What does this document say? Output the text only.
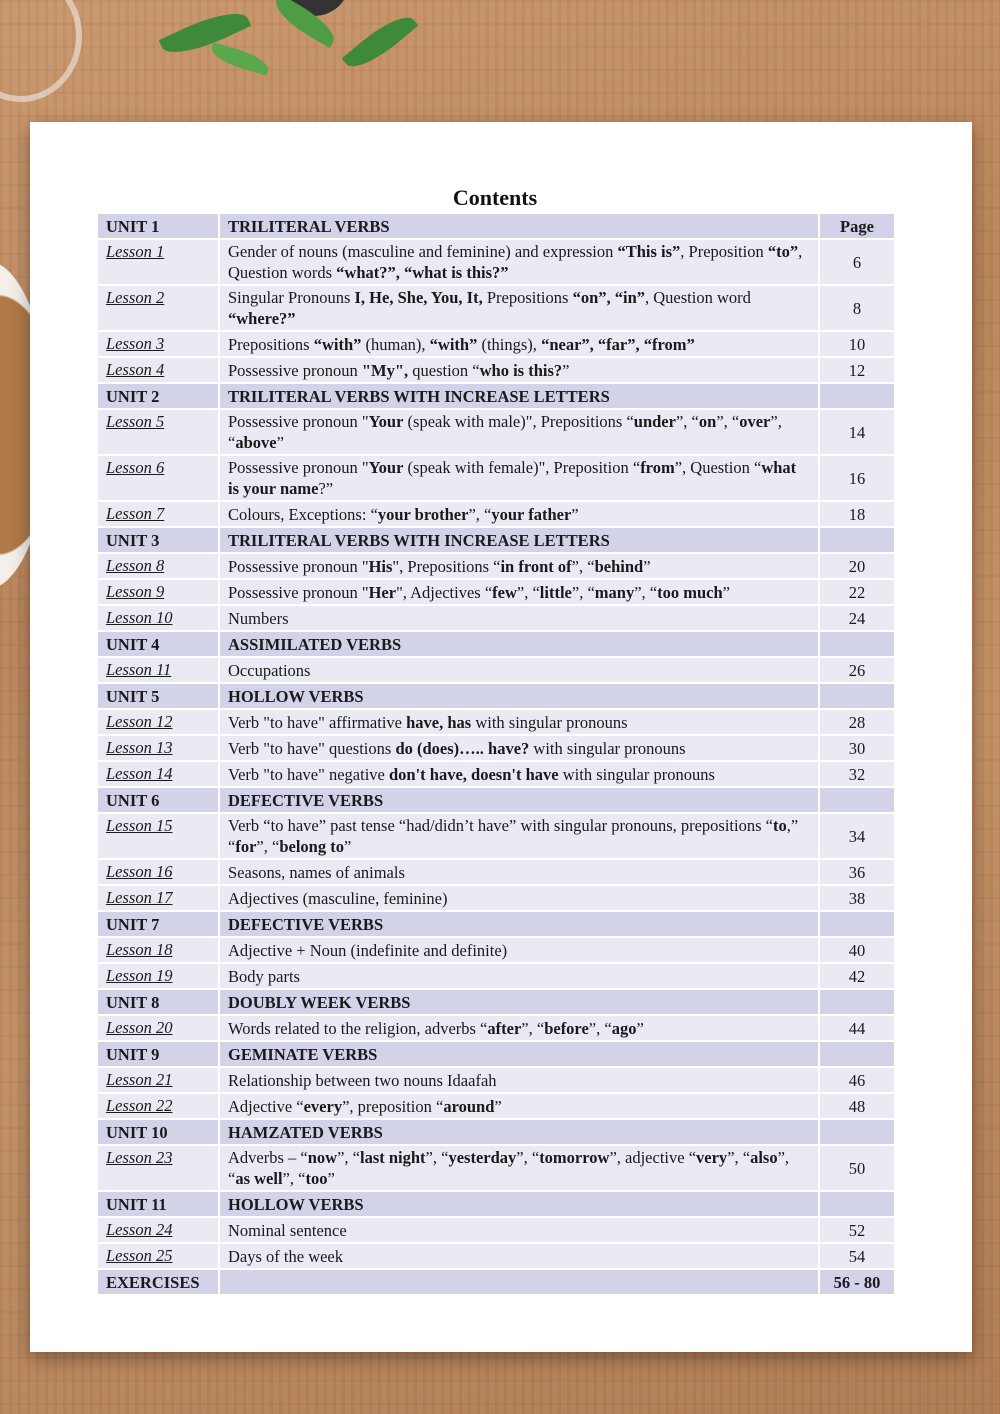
Contents
UNIT 1	TRILITERAL VERBS	Page
Lesson 1	Gender of nouns (masculine and feminine) and expression “This is”, Preposition “to”, Question words “what?”, “what is this?”	6
Lesson 2	Singular Pronouns I, He, She, You, It, Prepositions “on”, “in”, Question word “where?”	8
Lesson 3	Prepositions “with” (human), “with” (things), “near”, “far”, “from”	10
Lesson 4	Possessive pronoun "My", question “who is this?”	12
UNIT 2	TRILITERAL VERBS WITH INCREASE LETTERS	
Lesson 5	Possessive pronoun "Your (speak with male)", Prepositions “under”, “on”, “over”, “above”	14
Lesson 6	Possessive pronoun "Your (speak with female)", Preposition “from”, Question “what is your name?”	16
Lesson 7	Colours, Exceptions: “your brother”, “your father”	18
UNIT 3	TRILITERAL VERBS WITH INCREASE LETTERS	
Lesson 8	Possessive pronoun "His", Prepositions “in front of”, “behind”	20
Lesson 9	Possessive pronoun "Her", Adjectives “few”, “little”, “many”, “too much”	22
Lesson 10	Numbers	24
UNIT 4	ASSIMILATED VERBS	
Lesson 11	Occupations	26
UNIT 5	HOLLOW VERBS	
Lesson 12	Verb "to have" affirmative have, has with singular pronouns	28
Lesson 13	Verb "to have" questions do (does)….. have? with singular pronouns	30
Lesson 14	Verb "to have" negative don't have, doesn't have with singular pronouns	32
UNIT 6	DEFECTIVE VERBS	
Lesson 15	Verb “to have” past tense “had/didn’t have” with singular pronouns, prepositions “to,” “for”, “belong to”	34
Lesson 16	Seasons, names of animals	36
Lesson 17	Adjectives (masculine, feminine)	38
UNIT 7	DEFECTIVE VERBS	
Lesson 18	Adjective + Noun (indefinite and definite)	40
Lesson 19	Body parts	42
UNIT 8	DOUBLY WEEK VERBS	
Lesson 20	Words related to the religion, adverbs “after”, “before”, “ago”	44
UNIT 9	GEMINATE VERBS	
Lesson 21	Relationship between two nouns Idaafah	46
Lesson 22	Adjective “every”, preposition “around”	48
UNIT 10	HAMZATED VERBS	
Lesson 23	Adverbs – “now”, “last night”, “yesterday”, “tomorrow”, adjective “very”, “also”, “as well”, “too”	50
UNIT 11	HOLLOW VERBS	
Lesson 24	Nominal sentence	52
Lesson 25	Days of the week	54
EXERCISES		56 - 80
